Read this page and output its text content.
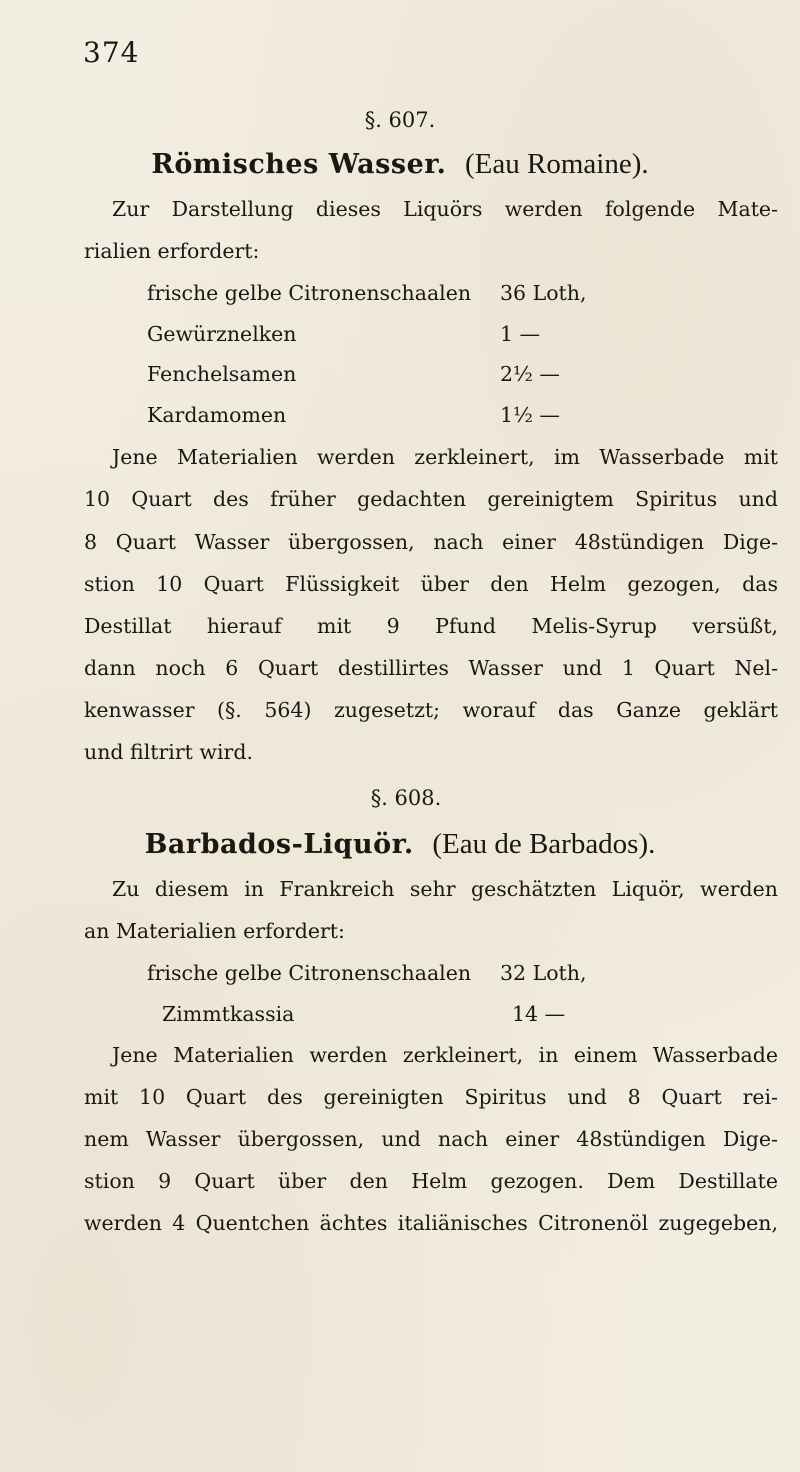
374
§. 607.
Römisches Wasser. (Eau Romaine).
Zur Darstellung dieses Liquörs werden folgende Mate-
rialien erfordert:
frische gelbe Citronenschaalen 36 Loth,
Gewürznelken	1 —
Fenchelsamen	2½ —
Kardamomen	1½ —
Jene Materialien werden zerkleinert, im Wasserbade mit
10 Quart des früher gedachten gereinigtem Spiritus und
8 Quart Wasser übergossen, nach einer 48stündigen Dige-
stion 10 Quart Flüssigkeit über den Helm gezogen, das
Destillat hierauf mit 9 Pfund Melis-Syrup versüßt,
dann noch 6 Quart destillirtes Wasser und 1 Quart Nel-
kenwasser (§. 564) zugesetzt; worauf das Ganze geklärt
und filtrirt wird.
§. 608.
Barbados-Liquör. (Eau de Barbados).
Zu diesem in Frankreich sehr geschätzten Liquör, werden
an Materialien erfordert:
frische gelbe Citronenschaalen 32 Loth,
Zimmtkassia	14 —
Jene Materialien werden zerkleinert, in einem Wasserbade
mit 10 Quart des gereinigten Spiritus und 8 Quart rei-
nem Wasser übergossen, und nach einer 48stündigen Dige-
stion 9 Quart über den Helm gezogen. Dem Destillate
werden 4 Quentchen ächtes italiänisches Citronenöl zugegeben,
